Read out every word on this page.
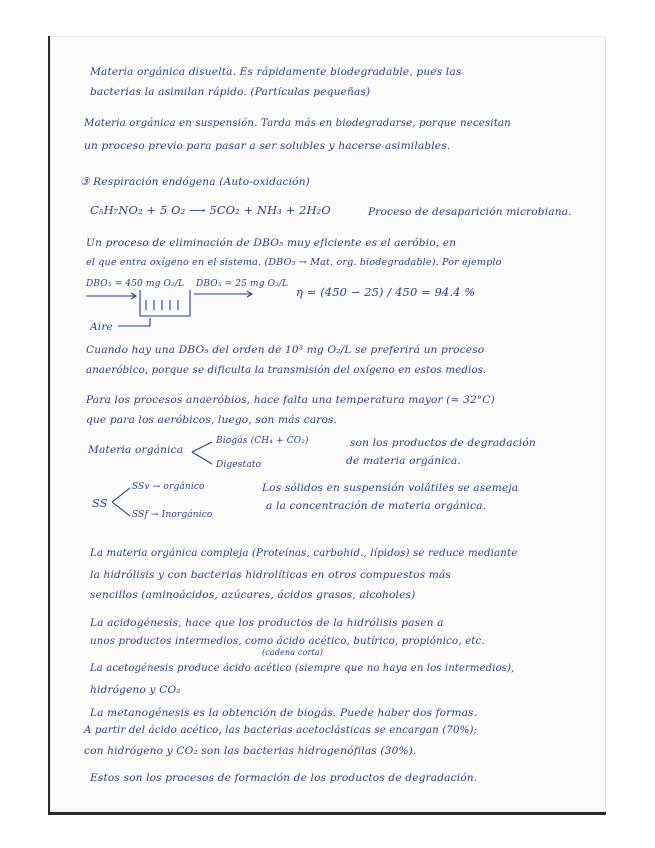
Materia orgánica disuelta. Es rápidamente biodegradable, pues las
bacterias la asimilan rápido. (Partículas pequeñas)
Materia orgánica en suspensión. Tarda más en biodegradarse, porque necesitan
un proceso previo para pasar a ser solubles y hacerse asimilables.
③ Respiración endógena (Auto-oxidación)
C₅H₇NO₂ + 5 O₂ ⟶ 5CO₂ + NH₃ + 2H₂O	Proceso de desaparición microbiana.
Un proceso de eliminación de DBO₅ muy eficiente es el aeróbio, en
el que entra oxígeno en el sistema. (DBO₅ → Mat. org. biodegradable). Por ejemplo
DBO₅ = 450 mg O₂/L DBO₅ = 25 mg O₂/L
η = (450 − 25) / 450 = 94.4 %
Aire
Cuando hay una DBO₅ del orden de 10³ mg O₂/L se preferirá un proceso
anaeróbico, porque se dificulta la transmisión del oxígeno en estos medios.
Para los procesos anaeróbios, hace falta una temperatura mayor (≈ 32°C)
que para los aeróbicos, luego, son más caros.
Materia orgánica
Biogás (CH₄ + CO₂)
Digestato
son los productos de degradación
de materia orgánica.
SS
SSv → orgánico
SSf → Inorgánico
Los sólidos en suspensión volátiles se asemeja
a la concentración de materia orgánica.
La materia orgánica compleja (Proteínas, carbohid., lípidos) se reduce mediante
la hidrólisis y con bacterias hidrolíticas en otros compuestos más
sencillos (aminoácidos, azúcares, ácidos grasos, alcoholes)
La acidogénesis, hace que los productos de la hidrólisis pasen a
unos productos intermedios, como ácido acético, butírico, propiónico, etc.
(cadena corta)
La acetogénesis produce ácido acético (siempre que no haya en los intermedios),
hidrógeno y CO₂
La metanogénesis es la obtención de biogás. Puede haber dos formas.
A partir del ácido acético, las bacterias acetoclásticas se encargan (70%);
con hidrógeno y CO₂ son las bacterias hidrogenófilas (30%).
Estos son los procesos de formación de los productos de degradación.
